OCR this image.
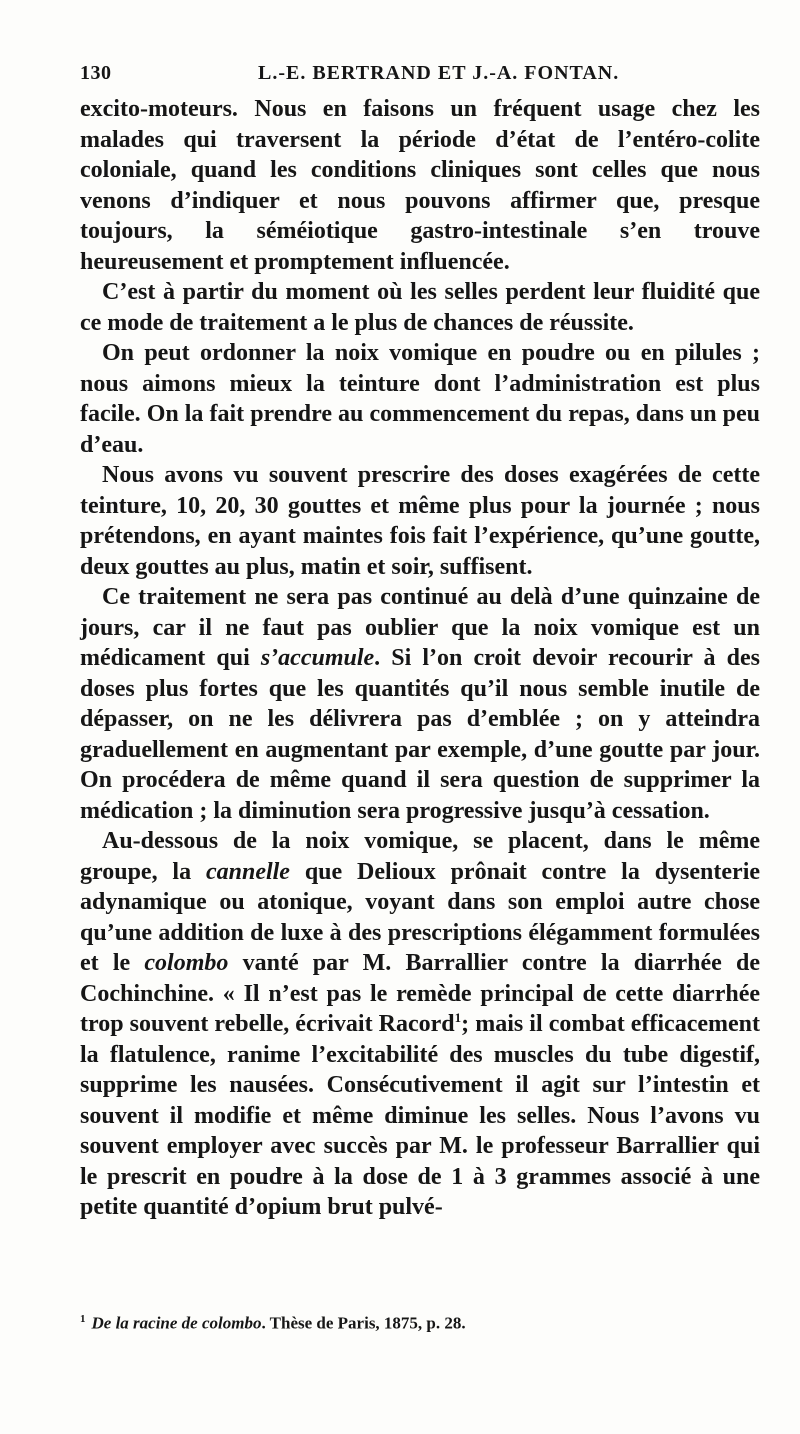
130	L.-E. BERTRAND ET J.-A. FONTAN.

excito-moteurs. Nous en faisons un fréquent usage chez les malades qui traversent la période d’état de l’entéro-colite coloniale, quand les conditions cliniques sont celles que nous venons d’indiquer et nous pouvons affirmer que, presque toujours, la séméiotique gastro-intestinale s’en trouve heureusement et promptement influencée.

C’est à partir du moment où les selles perdent leur fluidité que ce mode de traitement a le plus de chances de réussite.

On peut ordonner la noix vomique en poudre ou en pilules ; nous aimons mieux la teinture dont l’administration est plus facile. On la fait prendre au commencement du repas, dans un peu d’eau.

Nous avons vu souvent prescrire des doses exagérées de cette teinture, 10, 20, 30 gouttes et même plus pour la journée ; nous prétendons, en ayant maintes fois fait l’expérience, qu’une goutte, deux gouttes au plus, matin et soir, suffisent.

Ce traitement ne sera pas continué au delà d’une quinzaine de jours, car il ne faut pas oublier que la noix vomique est un médicament qui s’accumule. Si l’on croit devoir recourir à des doses plus fortes que les quantités qu’il nous semble inutile de dépasser, on ne les délivrera pas d’emblée ; on y atteindra graduellement en augmentant par exemple, d’une goutte par jour. On procédera de même quand il sera question de supprimer la médication ; la diminution sera progressive jusqu’à cessation.

Au-dessous de la noix vomique, se placent, dans le même groupe, la cannelle que Delioux prônait contre la dysenterie adynamique ou atonique, voyant dans son emploi autre chose qu’une addition de luxe à des prescriptions élégamment formulées et le colombo vanté par M. Barrallier contre la diarrhée de Cochinchine. « Il n’est pas le remède principal de cette diarrhée trop souvent rebelle, écrivait Racord$^1$; mais il combat efficacement la flatulence, ranime l’excitabilité des muscles du tube digestif, supprime les nausées. Consécutivement il agit sur l’intestin et souvent il modifie et même diminue les selles. Nous l’avons vu souvent employer avec succès par M. le professeur Barrallier qui le prescrit en poudre à la dose de 1 à 3 grammes associé à une petite quantité d’opium brut pulvé-

$^1$ De la racine de colombo. Thèse de Paris, 1875, p. 28.
